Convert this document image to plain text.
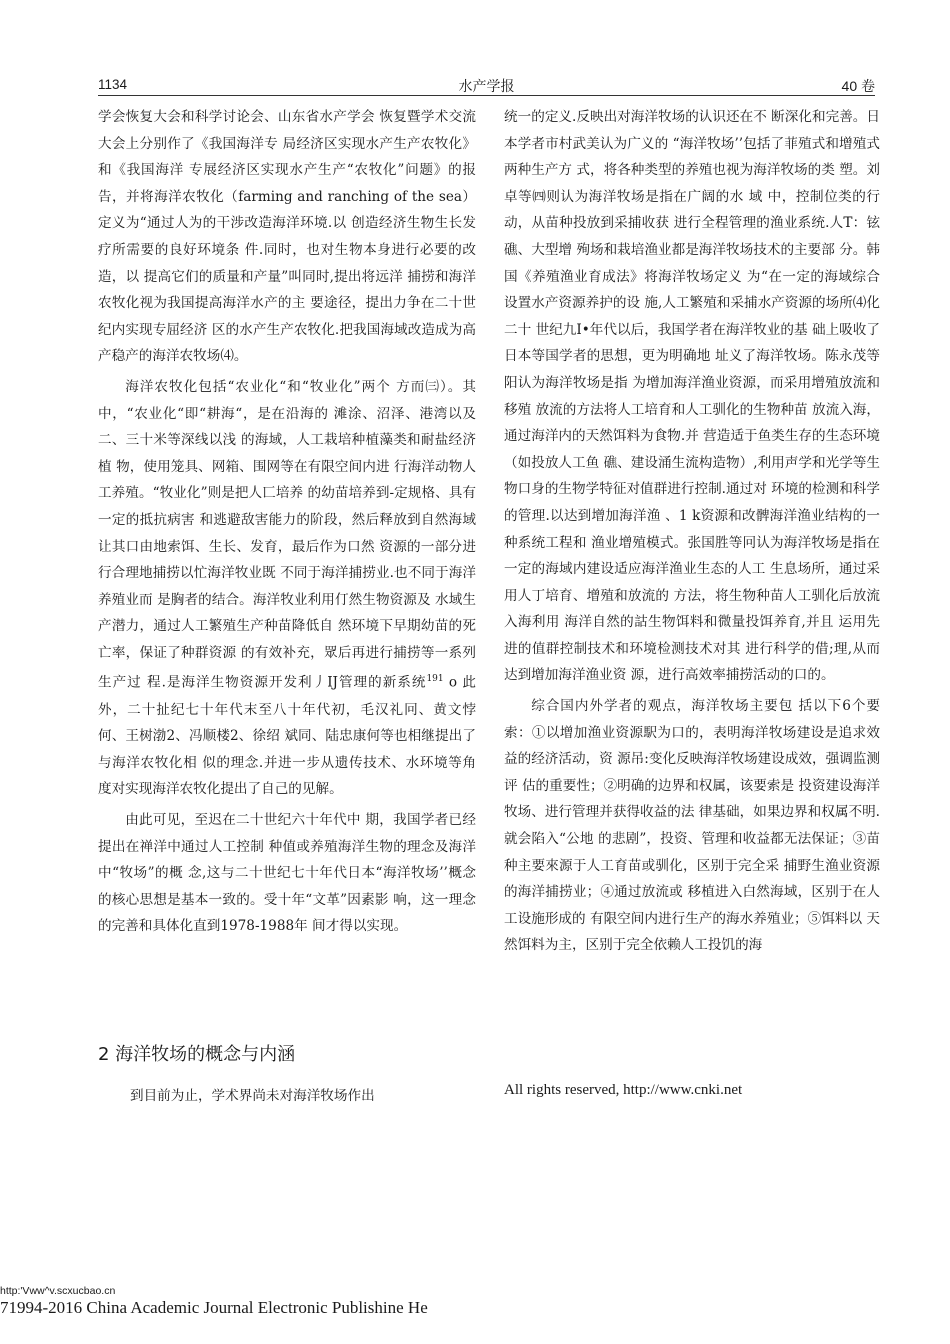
1134	水产学报	40 卷

学会恢复大会和科学讨论会、山东省水产学会 恢复暨学术交流大会上分别作了《我国海洋专 局经济区实现水产生产农牧化》和《我国海洋 专展经济区实现水产生产“农牧化”问题》的报 告，并将海洋农牧化（farming and ranching of the sea）定义为“通过人为的干涉改造海洋环境.以 创造经济生物生长发疗所需要的良好环境条 件.同时，也对生物本身进行必要的改造，以 提高它们的质量和产量”叫同时,提出将远洋 捕捞和海洋农牧化视为我国提高海洋水产的主 要途径，提出力争在二十世纪内实现专屈经济 区的水产生产农牧化.把我国海域改造成为高 产稳产的海洋农牧场⑷。

海洋农牧化包括“农业化“和“牧业化”两个 方而㈢）。其中，“农业化“即“耕海“，是在沿海的 滩涂、沼泽、港湾以及二、三十米等深线以浅 的海域，人工栽培种植藻类和耐盐经济植 物，使用笼具、网箱、围网等在有限空间内进 行海洋动物人工养殖。“牧业化”则是把人匸培养 的幼苗培养到-定规格、具有一定的抵抗病害 和逃避敌害能力的阶段，然后释放到自然海域 让其口由地索饵、生长、发育，最后作为口然 资源的一部分进行合理地捕捞以忙海洋牧业既 不同于海洋捕捞业.也不同于海洋养殖业而 是胸者的结合。海洋牧业利用仃然生物资源及 水域生产潜力，通过人工繁殖生产种苗降低自 然环境下早期幼苗的死亡率，保证了种群资源 的有效补充，眾后再进行捕捞等一系列生产过 程.是海洋生物资源开发利丿IJ管理的新系统$^{191}$ o 此外，二十扯纪七十年代末至八十年代初，毛汉礼冋、黄文悖何、王树渤2、冯顺楼2、徐绍 斌同、陆忠康何等也相继提出了与海洋农牧化相 似的理念.并进一步从遗传技术、水环境等角 度对实现海洋农牧化提出了自己的见解。

由此可见，至迟在二十世纪六十年代中 期，我国学者已经提出在禅洋中通过人工控制 种值或养殖海洋生物的理念及海洋中“牧场”的概 念,这与二十世纪七十年代日本“海洋牧场’’概念 的核心思想是基本一致的。受十年“文革”因素影 响，这一理念的完善和具体化直到1978-1988年 间才得以实现。

2 海洋牧场的概念与内涵
到目前为止，学术界尚未对海洋牧场作出

统一的定义.反映出对海洋牧场的认识还在不 断深化和完善。日本学者市村武美认为广义的 “海洋牧场’’包括了菲殖式和增殖式两种生产方 式，将各种类型的养殖也视为海洋牧场的类 塑。刘卓等㈣则认为海洋牧场是指在广阔的水 域 中，控制位类的行动，从苗种投放到采捕收获 进行全程管理的渔业系统.人T：铉礁、大型增 殉场和栽培渔业都是海洋牧场技术的主要部 分。韩国《养殖渔业育成法》将海洋牧场定义 为“在一定的海域综合设置水产资源养护的设 施,人工繁殖和采捕水产资源的场所⑷化 二十 世纪九I•年代以后，我国学者在海洋牧业的基 础上吸收了日本等国学者的思想，更为明确地 址义了海洋牧场。陈永茂等阳认为海洋牧场是指 为增加海洋渔业资源，而采用增殖放流和移殖 放流的方法将人工培育和人工驯化的生物种苗 放流入海，通过海洋内的天然饵料为食物.并 营造适于鱼类生存的生态环境（如投放人工鱼 礁、建设涌生流构造物）,利用声学和光学等生 物口身的生物学特征对值群进行控制.通过对 环境的检测和科学的管理.以达到增加海洋渔 、1 k资源和改髀海洋渔业结构的一种系统工程和 渔业增殖模式。张国胜等冋认为海洋牧场是指在 一定的海域内建设适应海洋渔业生态的人工 生息场所，通过采用人丁培育、增殖和放流的 方法，将生物种苗人工驯化后放流入海利用 海洋自然的詁生物饵料和微量投饵养育,并且 运用先进的值群控制技术和环境检测技术对其 进行科学的借;理,从而达到增加海洋渔业资 源，进行高效率捕捞活动的口的。

综合国内外学者的观点，海洋牧场主要包 括以下6个要索：①以增加渔业资源駅为口的，表明海洋牧场建设是追求效益的经济活动，资 源吊:变化反映海洋牧场建设成效，强调监测评 估的重要性；②明确的边界和权属，该要索是 投资建设海洋牧场、进行管理并获得收益的法 律基础，如果边界和权属不明.就会陷入“公地 的悲剧”，投资、管理和收益都无法保证；③苗 种主要來源于人工育苗或驯化，区别于完全采 捕野生渔业资源的海洋捕捞业；④通过放流或 移植进入白然海域，区别于在人工设施形成的 有限空间内进行生产的海水养殖业；⑤饵料以 天然饵料为主，区别于完全依赖人工投饥的海

All rights reserved, http://www.cnki.net
http:'Vww^v.scxucbao.cn
71994-2016 China Academic Journal Electronic Publishine He
